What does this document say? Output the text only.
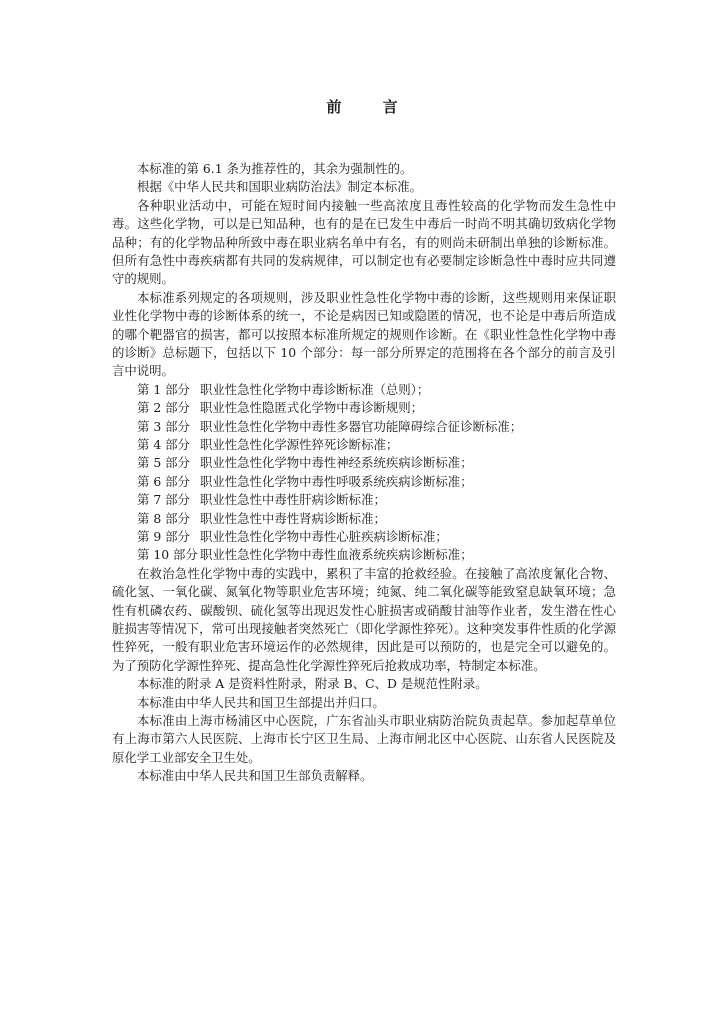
前 言

本标准的第 6.1 条为推荐性的，其余为强制性的。

根据《中华人民共和国职业病防治法》制定本标准。

各种职业活动中，可能在短时间内接触一些高浓度且毒性较高的化学物而发生急性中毒。这些化学物，可以是已知品种，也有的是在已发生中毒后一时尚不明其确切致病化学物品种；有的化学物品种所致中毒在职业病名单中有名，有的则尚未研制出单独的诊断标准。但所有急性中毒疾病都有共同的发病规律，可以制定也有必要制定诊断急性中毒时应共同遵守的规则。

本标准系列规定的各项规则，涉及职业性急性化学物中毒的诊断，这些规则用来保证职业性化学物中毒的诊断体系的统一，不论是病因已知或隐匿的情况，也不论是中毒后所造成的哪个靶器官的损害，都可以按照本标准所规定的规则作诊断。在《职业性急性化学物中毒的诊断》总标题下，包括以下 10 个部分：每一部分所界定的范围将在各个部分的前言及引言中说明。

第 1 部分 职业性急性化学物中毒诊断标准（总则）；
第 2 部分 职业性急性隐匿式化学物中毒诊断规则；
第 3 部分 职业性急性化学物中毒性多器官功能障碍综合征诊断标准；
第 4 部分 职业性急性化学源性猝死诊断标准；
第 5 部分 职业性急性化学物中毒性神经系统疾病诊断标准；
第 6 部分 职业性急性化学物中毒性呼吸系统疾病诊断标准；
第 7 部分 职业性急性中毒性肝病诊断标准；
第 8 部分 职业性急性中毒性肾病诊断标准；
第 9 部分 职业性急性化学物中毒性心脏疾病诊断标准；
第 10 部分 职业性急性化学物中毒性血液系统疾病诊断标准；

在救治急性化学物中毒的实践中，累积了丰富的抢救经验。在接触了高浓度氰化合物、硫化氢、一氧化碳、氮氧化物等职业危害环境；纯氮、纯二氧化碳等能致窒息缺氧环境；急性有机磷农药、碳酸钡、硫化氢等出现迟发性心脏损害或硝酸甘油等作业者，发生潜在性心脏损害等情况下，常可出现接触者突然死亡（即化学源性猝死）。这种突发事件性质的化学源性猝死，一般有职业危害环境运作的必然规律，因此是可以预防的，也是完全可以避免的。为了预防化学源性猝死、提高急性化学源性猝死后抢救成功率，特制定本标准。

本标准的附录 A 是资料性附录，附录 B、C、D 是规范性附录。

本标准由中华人民共和国卫生部提出并归口。

本标准由上海市杨浦区中心医院，广东省汕头市职业病防治院负责起草。参加起草单位有上海市第六人民医院、上海市长宁区卫生局、上海市闸北区中心医院、山东省人民医院及原化学工业部安全卫生处。

本标准由中华人民共和国卫生部负责解释。
